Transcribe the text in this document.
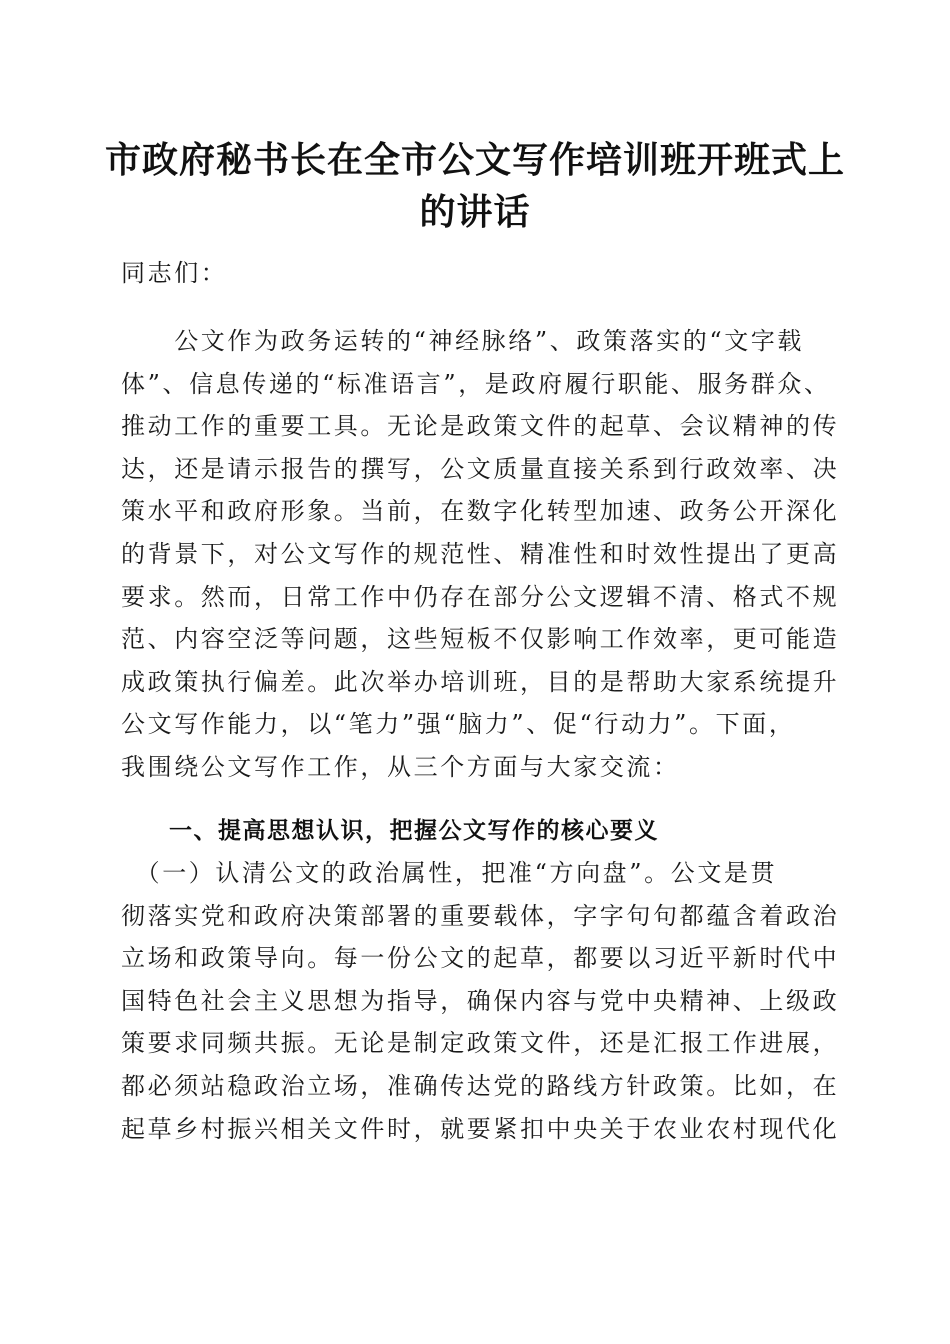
市政府秘书长在全市公文写作培训班开班式上
的讲话

同志们：

　　公文作为政务运转的“神经脉络”、政策落实的“文字载
体”、信息传递的“标准语言”，是政府履行职能、服务群众、
推动工作的重要工具。无论是政策文件的起草、会议精神的传
达，还是请示报告的撰写，公文质量直接关系到行政效率、决
策水平和政府形象。当前，在数字化转型加速、政务公开深化
的背景下，对公文写作的规范性、精准性和时效性提出了更高
要求。然而，日常工作中仍存在部分公文逻辑不清、格式不规
范、内容空泛等问题，这些短板不仅影响工作效率，更可能造
成政策执行偏差。此次举办培训班，目的是帮助大家系统提升
公文写作能力，以“笔力”强“脑力”、促“行动力”。下面，
我围绕公文写作工作，从三个方面与大家交流：
一、提高思想认识，把握公文写作的核心要义
　（一）认清公文的政治属性，把准“方向盘”。公文是贯
彻落实党和政府决策部署的重要载体，字字句句都蕴含着政治
立场和政策导向。每一份公文的起草，都要以习近平新时代中
国特色社会主义思想为指导，确保内容与党中央精神、上级政
策要求同频共振。无论是制定政策文件，还是汇报工作进展，
都必须站稳政治立场，准确传达党的路线方针政策。比如，在
起草乡村振兴相关文件时，就要紧扣中央关于农业农村现代化
